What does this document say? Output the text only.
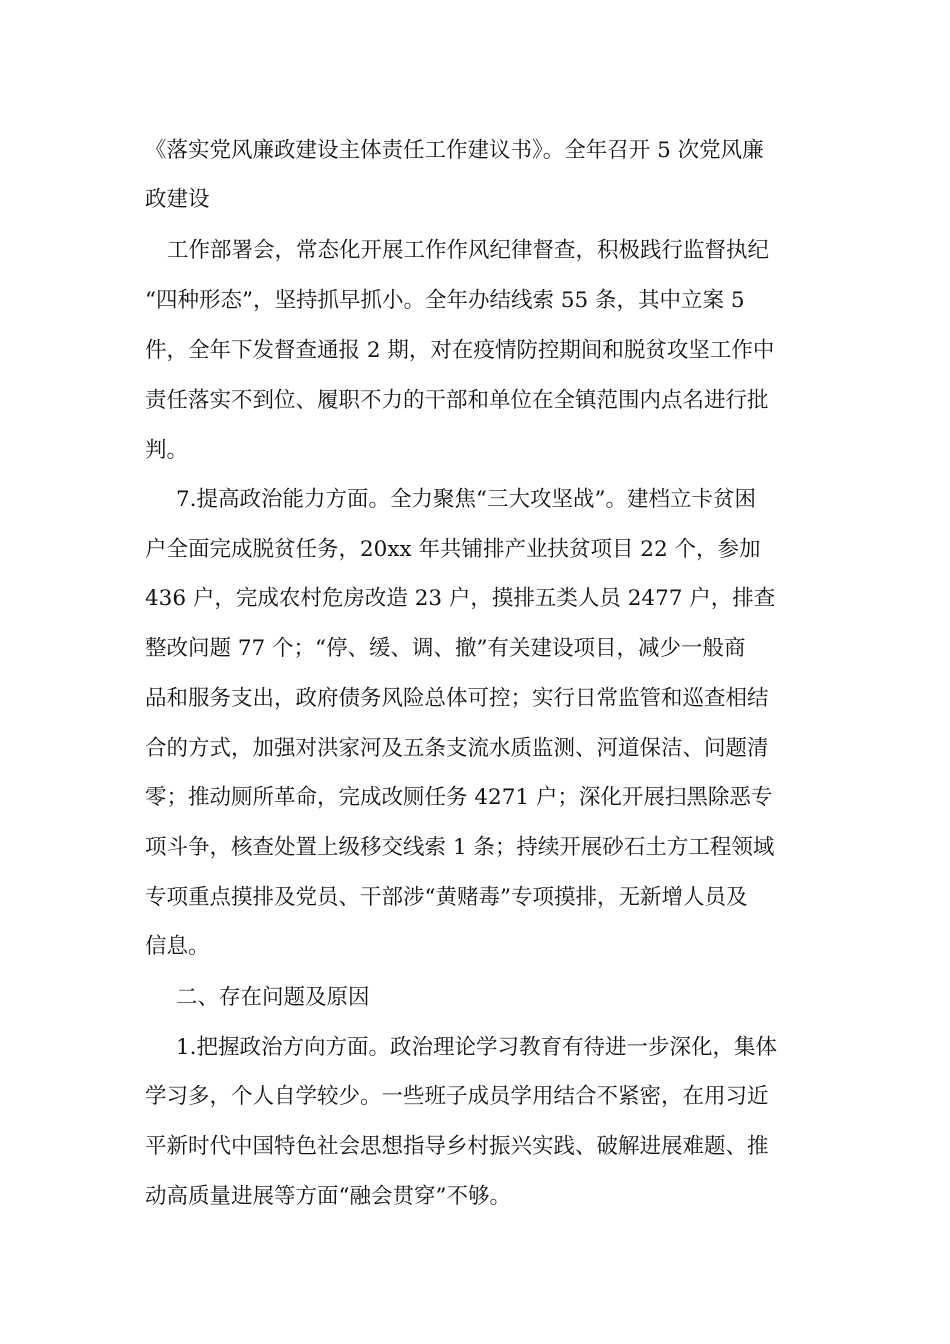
《落实党风廉政建设主体责任工作建议书》。全年召开 5 次党风廉
政建设
工作部署会，常态化开展工作作风纪律督查，积极践行监督执纪
“四种形态”，坚持抓早抓小。全年办结线索 55 条，其中立案 5
件，全年下发督查通报 2 期，对在疫情防控期间和脱贫攻坚工作中
责任落实不到位、履职不力的干部和单位在全镇范围内点名进行批
判。
7.提高政治能力方面。全力聚焦“三大攻坚战”。建档立卡贫困
户全面完成脱贫任务，20xx 年共铺排产业扶贫项目 22 个，参加
436 户，完成农村危房改造 23 户，摸排五类人员 2477 户，排查
整改问题 77 个；“停、缓、调、撤”有关建设项目，减少一般商
品和服务支出，政府债务风险总体可控；实行日常监管和巡查相结
合的方式，加强对洪家河及五条支流水质监测、河道保洁、问题清
零；推动厕所革命，完成改厕任务 4271 户；深化开展扫黑除恶专
项斗争，核查处置上级移交线索 1 条；持续开展砂石土方工程领域
专项重点摸排及党员、干部涉“黄赌毒”专项摸排，无新增人员及
信息。
二、存在问题及原因
1.把握政治方向方面。政治理论学习教育有待进一步深化，集体
学习多，个人自学较少。一些班子成员学用结合不紧密，在用习近
平新时代中国特色社会思想指导乡村振兴实践、破解进展难题、推
动高质量进展等方面“融会贯穿”不够。
